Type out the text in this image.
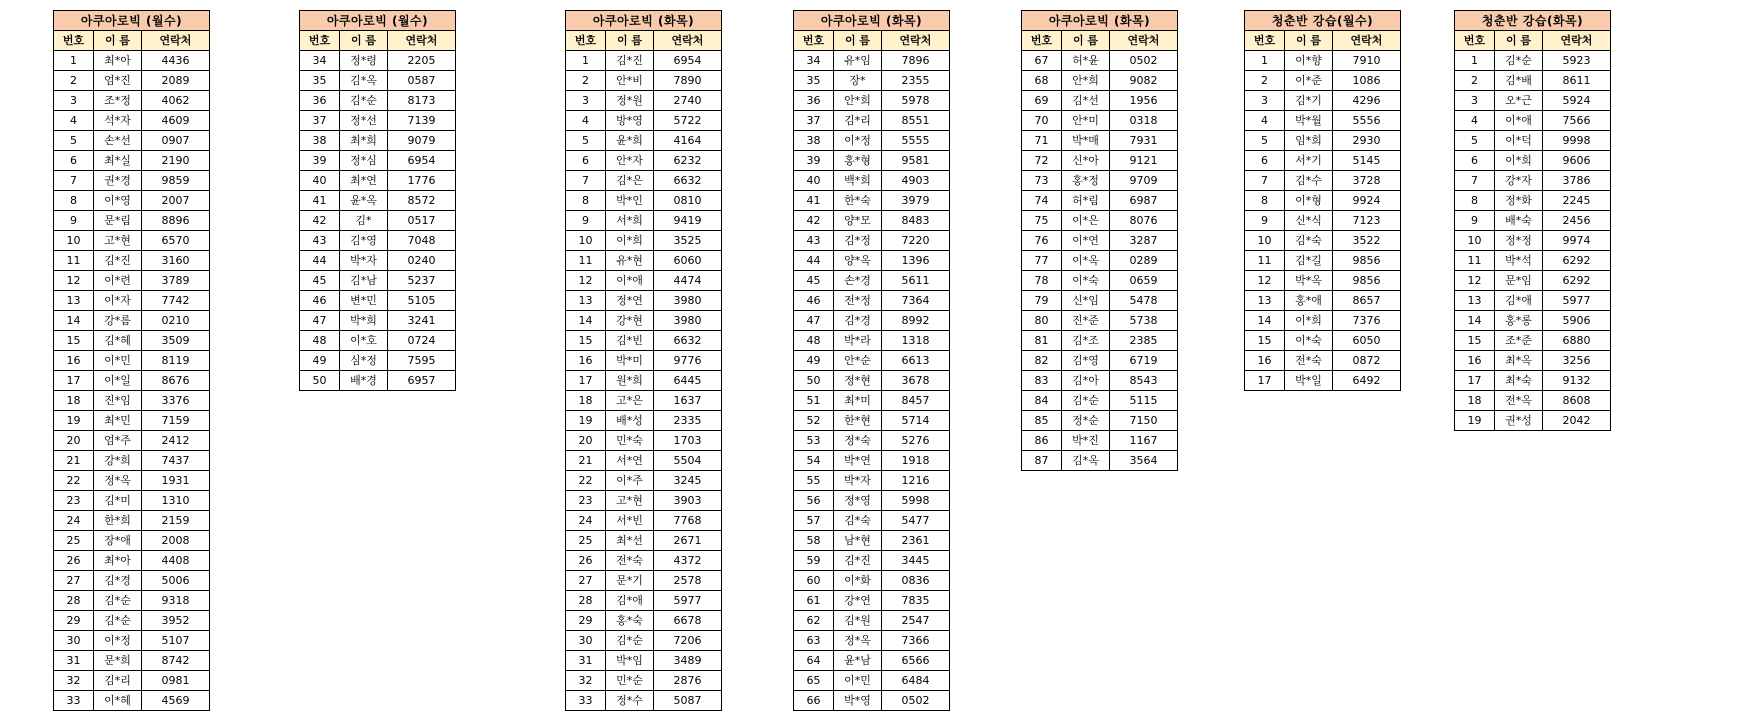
아쿠아로빅 (월수)		
번호	이 름	연락처
1	최*아	4436
2	엄*진	2089
3	조*정	4062
4	석*자	4609
5	손*선	0907
6	최*실	2190
7	권*경	9859
8	이*영	2007
9	문*림	8896
10	고*현	6570
11	김*진	3160
12	이*련	3789
13	이*자	7742
14	강*름	0210
15	김*혜	3509
16	이*민	8119
17	이*일	8676
18	진*임	3376
19	최*민	7159
20	엄*주	2412
21	강*희	7437
22	정*옥	1931
23	김*미	1310
24	한*희	2159
25	장*애	2008
26	최*아	4408
27	김*경	5006
28	김*순	9318
29	김*순	3952
30	이*정	5107
31	문*희	8742
32	김*리	0981
33	이*혜	4569
아쿠아로빅 (월수)		
번호	이 름	연락처
34	정*령	2205
35	김*옥	0587
36	김*순	8173
37	정*선	7139
38	최*희	9079
39	정*심	6954
40	최*연	1776
41	윤*옥	8572
42	김*	0517
43	김*영	7048
44	박*자	0240
45	김*남	5237
46	변*민	5105
47	박*희	3241
48	이*호	0724
49	심*정	7595
50	배*경	6957
아쿠아로빅 (화목)		
번호	이 름	연락처
1	김*진	6954
2	안*비	7890
3	정*원	2740
4	방*영	5722
5	윤*희	4164
6	안*자	6232
7	김*은	6632
8	박*인	0810
9	서*희	9419
10	이*희	3525
11	유*현	6060
12	이*애	4474
13	정*연	3980
14	강*현	3980
15	김*빈	6632
16	박*미	9776
17	원*희	6445
18	고*은	1637
19	배*성	2335
20	민*숙	1703
21	서*연	5504
22	이*주	3245
23	고*현	3903
24	서*빈	7768
25	최*선	2671
26	전*숙	4372
27	문*기	2578
28	김*애	5977
29	홍*숙	6678
30	김*순	7206
31	박*임	3489
32	민*순	2876
33	정*수	5087
아쿠아로빅 (화목)		
번호	이 름	연락처
34	유*임	7896
35	장*	2355
36	안*희	5978
37	김*리	8551
38	이*정	5555
39	홍*형	9581
40	백*희	4903
41	한*숙	3979
42	양*모	8483
43	김*정	7220
44	양*옥	1396
45	손*경	5611
46	전*정	7364
47	김*경	8992
48	박*라	1318
49	안*순	6613
50	정*현	3678
51	최*미	8457
52	한*현	5714
53	정*숙	5276
54	박*연	1918
55	박*자	1216
56	정*영	5998
57	김*숙	5477
58	남*현	2361
59	김*진	3445
60	이*화	0836
61	강*연	7835
62	김*원	2547
63	정*옥	7366
64	윤*남	6566
65	이*민	6484
66	박*영	0502
아쿠아로빅 (화목)		
번호	이 름	연락처
67	허*윤	0502
68	안*희	9082
69	김*선	1956
70	안*미	0318
71	박*매	7931
72	신*아	9121
73	홍*정	9709
74	허*림	6987
75	이*은	8076
76	이*연	3287
77	이*옥	0289
78	이*숙	0659
79	신*임	5478
80	진*준	5738
81	김*조	2385
82	김*영	6719
83	김*아	8543
84	김*순	5115
85	정*순	7150
86	박*진	1167
87	김*옥	3564
청춘반 강습(월수)		
번호	이 름	연락처
1	이*향	7910
2	이*준	1086
3	김*기	4296
4	박*월	5556
5	임*희	2930
6	서*기	5145
7	김*수	3728
8	이*형	9924
9	신*식	7123
10	김*숙	3522
11	김*길	9856
12	박*옥	9856
13	홍*애	8657
14	이*희	7376
15	이*숙	6050
16	전*숙	0872
17	박*일	6492
청춘반 강습(화목)		
번호	이 름	연락처
1	김*순	5923
2	김*배	8611
3	오*근	5924
4	이*애	7566
5	이*덕	9998
6	이*희	9606
7	강*자	3786
8	정*화	2245
9	배*숙	2456
10	정*정	9974
11	박*석	6292
12	문*임	6292
13	김*애	5977
14	홍*롱	5906
15	조*준	6880
16	최*옥	3256
17	최*숙	9132
18	전*옥	8608
19	권*성	2042
